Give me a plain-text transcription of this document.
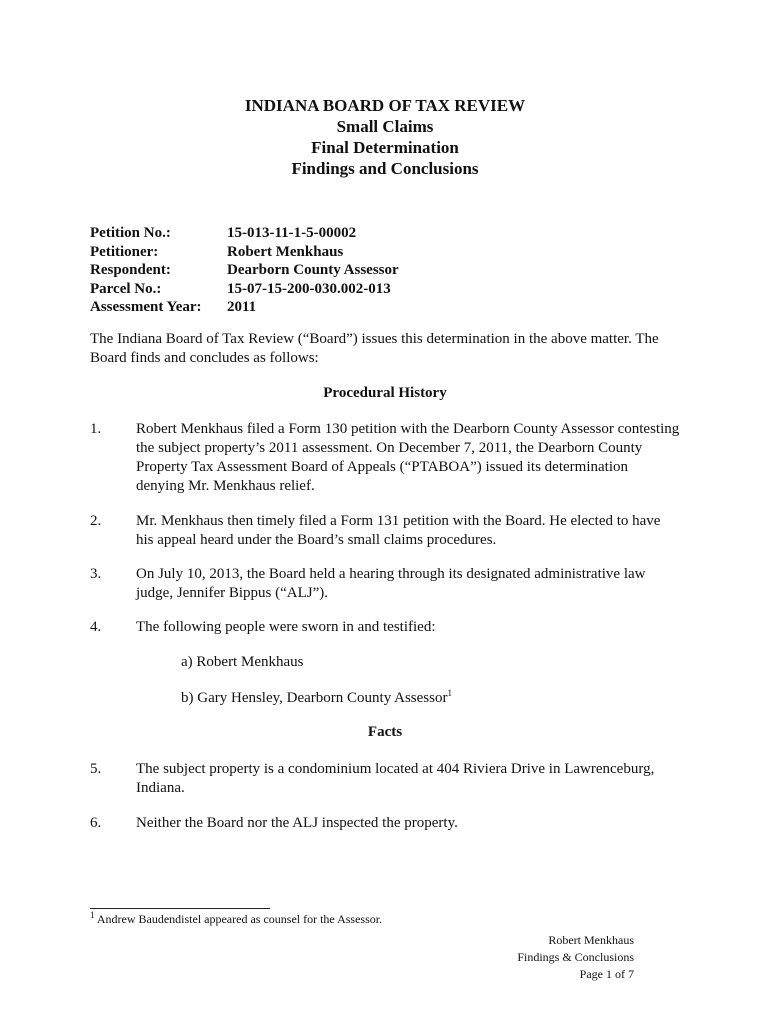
INDIANA BOARD OF TAX REVIEW
Small Claims
Final Determination
Findings and Conclusions
Petition No.:	15-013-11-1-5-00002
Petitioner:	Robert Menkhaus
Respondent:	Dearborn County Assessor
Parcel No.:	15-07-15-200-030.002-013
Assessment Year:	2011
The Indiana Board of Tax Review (“Board”) issues this determination in the above matter. The Board finds and concludes as follows:
Procedural History
1.	Robert Menkhaus filed a Form 130 petition with the Dearborn County Assessor contesting the subject property’s 2011 assessment. On December 7, 2011, the Dearborn County Property Tax Assessment Board of Appeals (“PTABOA”) issued its determination denying Mr. Menkhaus relief.
2.	Mr. Menkhaus then timely filed a Form 131 petition with the Board. He elected to have his appeal heard under the Board’s small claims procedures.
3.	On July 10, 2013, the Board held a hearing through its designated administrative law judge, Jennifer Bippus (“ALJ”).
4.	The following people were sworn in and testified:
a) Robert Menkhaus
b) Gary Hensley, Dearborn County Assessor$^1$
Facts
5.	The subject property is a condominium located at 404 Riviera Drive in Lawrenceburg, Indiana.
6.	Neither the Board nor the ALJ inspected the property.
$^1$ Andrew Baudendistel appeared as counsel for the Assessor.
Robert Menkhaus
Findings & Conclusions
Page 1 of 7
